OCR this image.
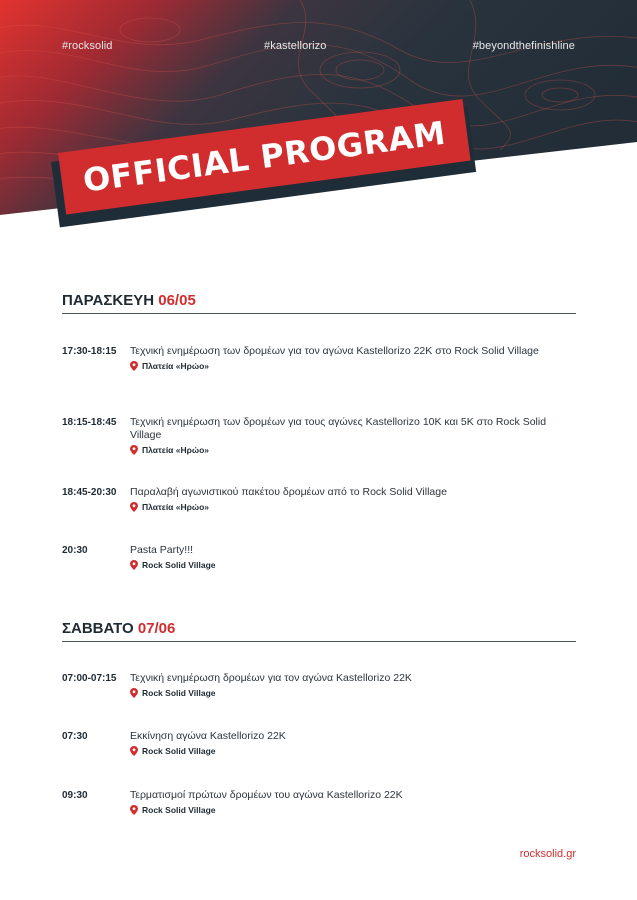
#rocksolid	#kastellorizo	#beyondthefinishline
OFFICIAL PROGRAM
ΠΑΡΑΣΚΕΥΗ 06/05
17:30-18:15 Τεχνική ενημέρωση των δρομέων για τον αγώνα Kastellorizo 22K στο Rock Solid Village
Πλατεία «Ηρώο»
18:15-18:45 Τεχνική ενημέρωση των δρομέων για τους αγώνες Kastellorizo 10K και 5K στο Rock Solid Village
Πλατεία «Ηρώο»
18:45-20:30 Παραλαβή αγωνιστικού πακέτου δρομέων από το Rock Solid Village
Πλατεία «Ηρώο»
20:30	Pasta Party!!!
Rock Solid Village
ΣΑΒΒΑΤΟ 07/06
07:00-07:15 Τεχνική ενημέρωση δρομέων για τον αγώνα Kastellorizo 22K
Rock Solid Village
07:30	Εκκίνηση αγώνα Kastellorizo 22K
Rock Solid Village
09:30	Τερματισμοί πρώτων δρομέων του αγώνα Kastellorizo 22K
Rock Solid Village
rocksolid.gr
